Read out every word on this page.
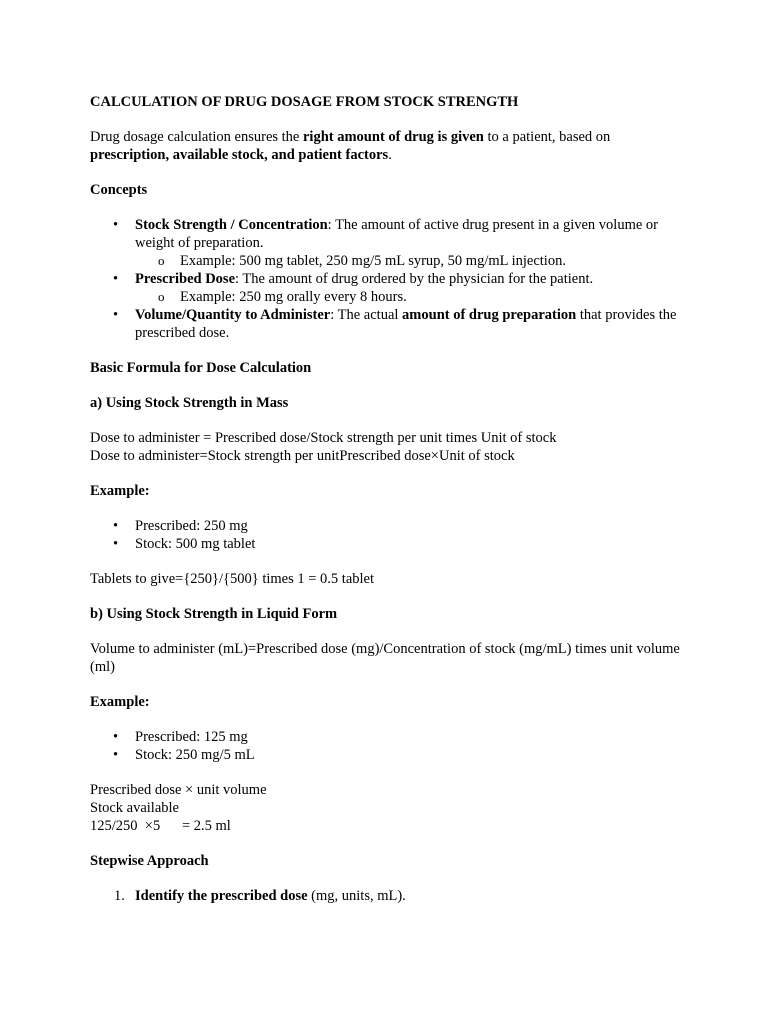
CALCULATION OF DRUG DOSAGE FROM STOCK STRENGTH

Drug dosage calculation ensures the right amount of drug is given to a patient, based on prescription, available stock, and patient factors.

Concepts
• Stock Strength / Concentration: The amount of active drug present in a given volume or weight of preparation.
o Example: 500 mg tablet, 250 mg/5 mL syrup, 50 mg/mL injection.
• Prescribed Dose: The amount of drug ordered by the physician for the patient.
o Example: 250 mg orally every 8 hours.
• Volume/Quantity to Administer: The actual amount of drug preparation that provides the prescribed dose.
Basic Formula for Dose Calculation
a) Using Stock Strength in Mass

Dose to administer = Prescribed dose/Stock strength per unit times Unit of stock
Dose to administer=Stock strength per unitPrescribed dose×Unit of stock

Example:
• Prescribed: 250 mg
• Stock: 500 mg tablet

Tablets to give={250}/{500} times 1 = 0.5 tablet

b) Using Stock Strength in Liquid Form

Volume to administer (mL)=Prescribed dose (mg)/Concentration of stock (mg/mL) times unit volume (ml)

Example:
• Prescribed: 125 mg
• Stock: 250 mg/5 mL

Prescribed dose × unit volume
Stock available
125/250  ×5      = 2.5 ml

Stepwise Approach
1. Identify the prescribed dose (mg, units, mL).
